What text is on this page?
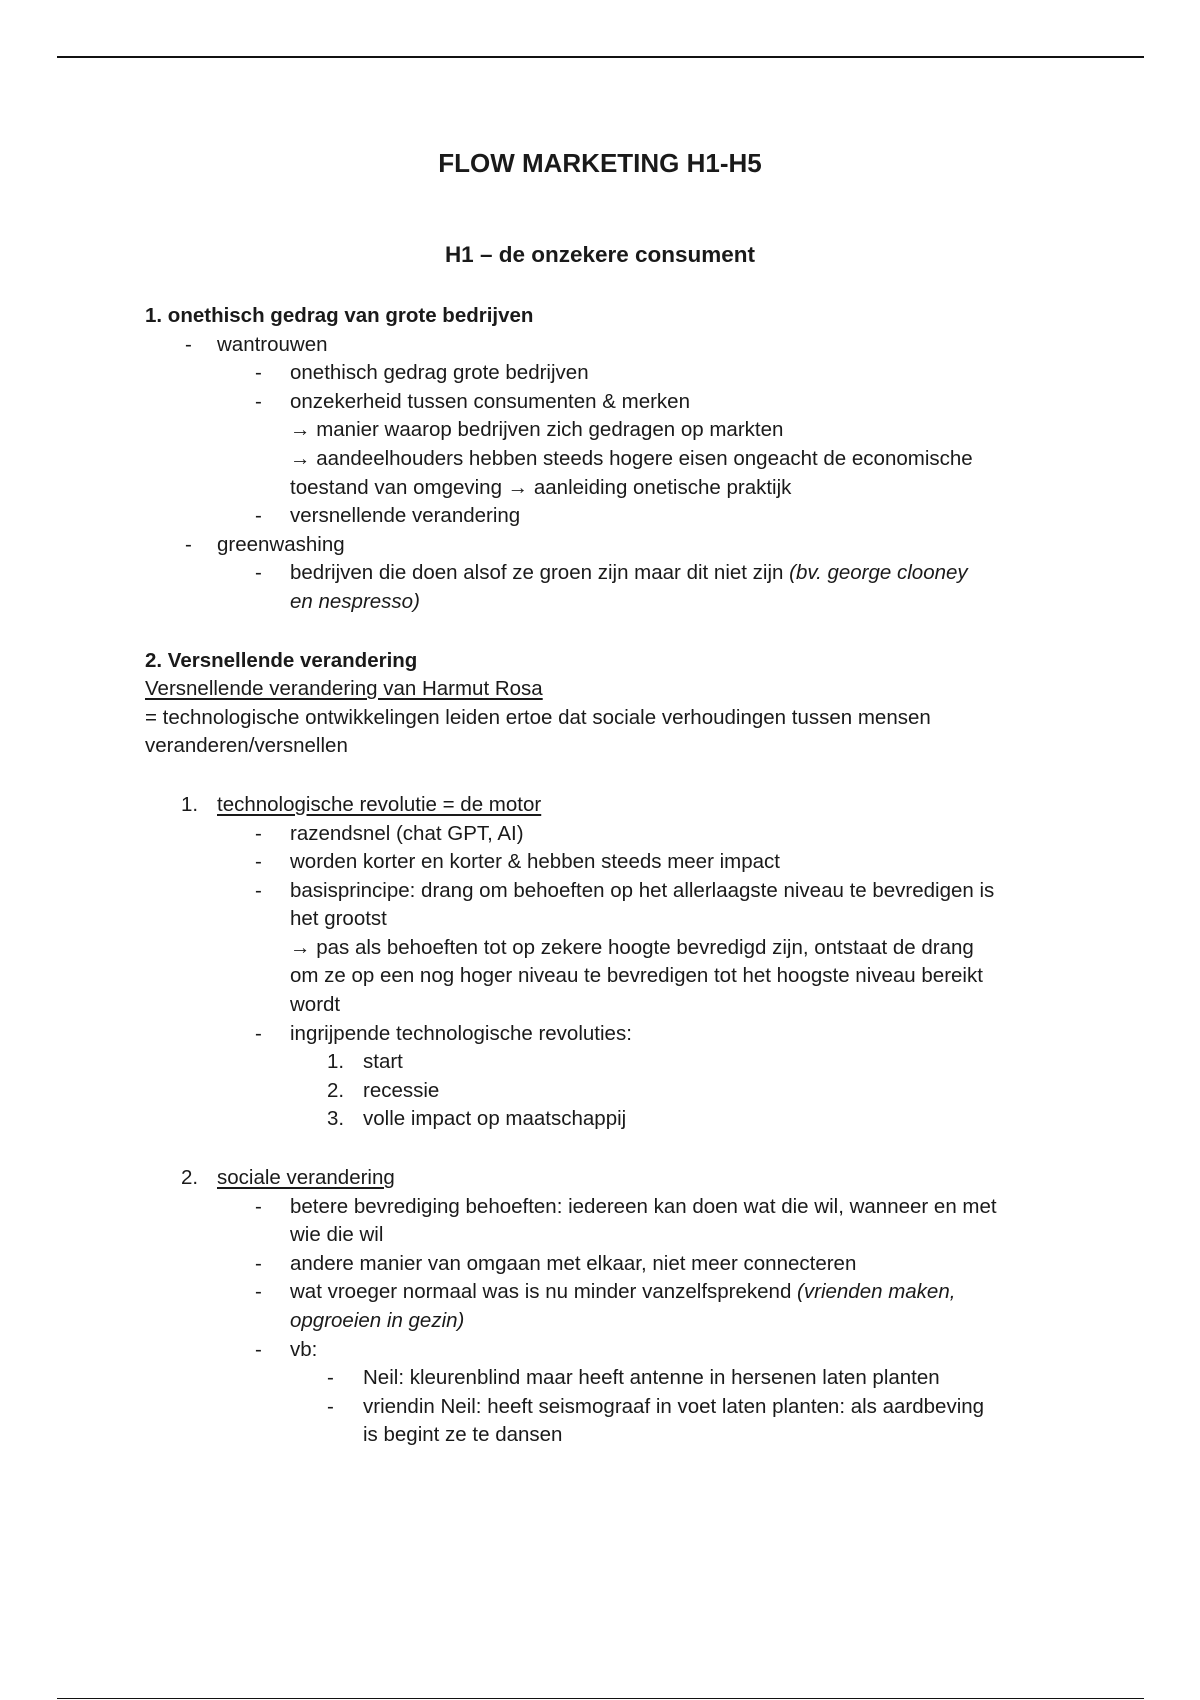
FLOW MARKETING H1-H5
H1 – de onzekere consument

1. onethisch gedrag van grote bedrijven

- wantrouwen
- onethisch gedrag grote bedrijven
- onzekerheid tussen consumenten & merken
→ manier waarop bedrijven zich gedragen op markten
→ aandeelhouders hebben steeds hogere eisen ongeacht de economische
toestand van omgeving → aanleiding onetische praktijk
- versnellende verandering
- greenwashing
- bedrijven die doen alsof ze groen zijn maar dit niet zijn (bv. george clooney
en nespresso)

2. Versnellende verandering

Versnellende verandering van Harmut Rosa
= technologische ontwikkelingen leiden ertoe dat sociale verhoudingen tussen mensen
veranderen/versnellen
1. technologische revolutie = de motor
- razendsnel (chat GPT, AI)
- worden korter en korter & hebben steeds meer impact
- basisprincipe: drang om behoeften op het allerlaagste niveau te bevredigen is
het grootst
→ pas als behoeften tot op zekere hoogte bevredigd zijn, ontstaat de drang
om ze op een nog hoger niveau te bevredigen tot het hoogste niveau bereikt
wordt
- ingrijpende technologische revoluties:
1. start
2. recessie
3. volle impact op maatschappij
2. sociale verandering
- betere bevrediging behoeften: iedereen kan doen wat die wil, wanneer en met
wie die wil
- andere manier van omgaan met elkaar, niet meer connecteren
- wat vroeger normaal was is nu minder vanzelfsprekend (vrienden maken,
opgroeien in gezin)
- vb:
- Neil: kleurenblind maar heeft antenne in hersenen laten planten
- vriendin Neil: heeft seismograaf in voet laten planten: als aardbeving
is begint ze te dansen
